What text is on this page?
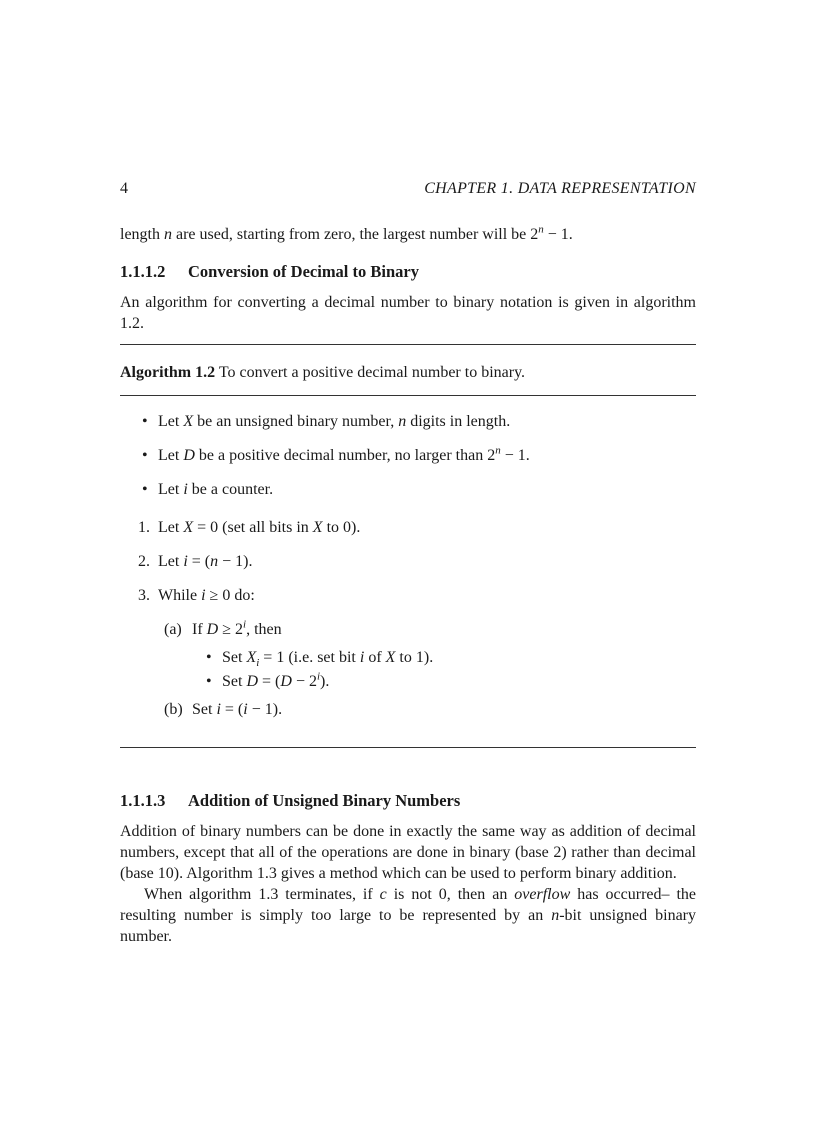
4	CHAPTER 1. DATA REPRESENTATION

length n are used, starting from zero, the largest number will be $2^n - 1$.

1.1.1.2 Conversion of Decimal to Binary

An algorithm for converting a decimal number to binary notation is given in algorithm 1.2.

Algorithm 1.2 To convert a positive decimal number to binary.

• Let X be an unsigned binary number, n digits in length.
• Let D be a positive decimal number, no larger than $2^n - 1$.
• Let i be a counter.
1. Let X = 0 (set all bits in X to 0).
2. Let i = (n − 1).
3. While i ≥ 0 do:
(a) If $D \ge 2^i$, then
• Set $X_i = 1$ (i.e. set bit i of X to 1).
• Set $D = (D - 2^i)$.
(b) Set i = (i − 1).
1.1.1.3 Addition of Unsigned Binary Numbers

Addition of binary numbers can be done in exactly the same way as addition of decimal numbers, except that all of the operations are done in binary (base 2) rather than decimal (base 10). Algorithm 1.3 gives a method which can be used to perform binary addition.

When algorithm 1.3 terminates, if c is not 0, then an overflow has occurred– the resulting number is simply too large to be represented by an n-bit unsigned binary number.
